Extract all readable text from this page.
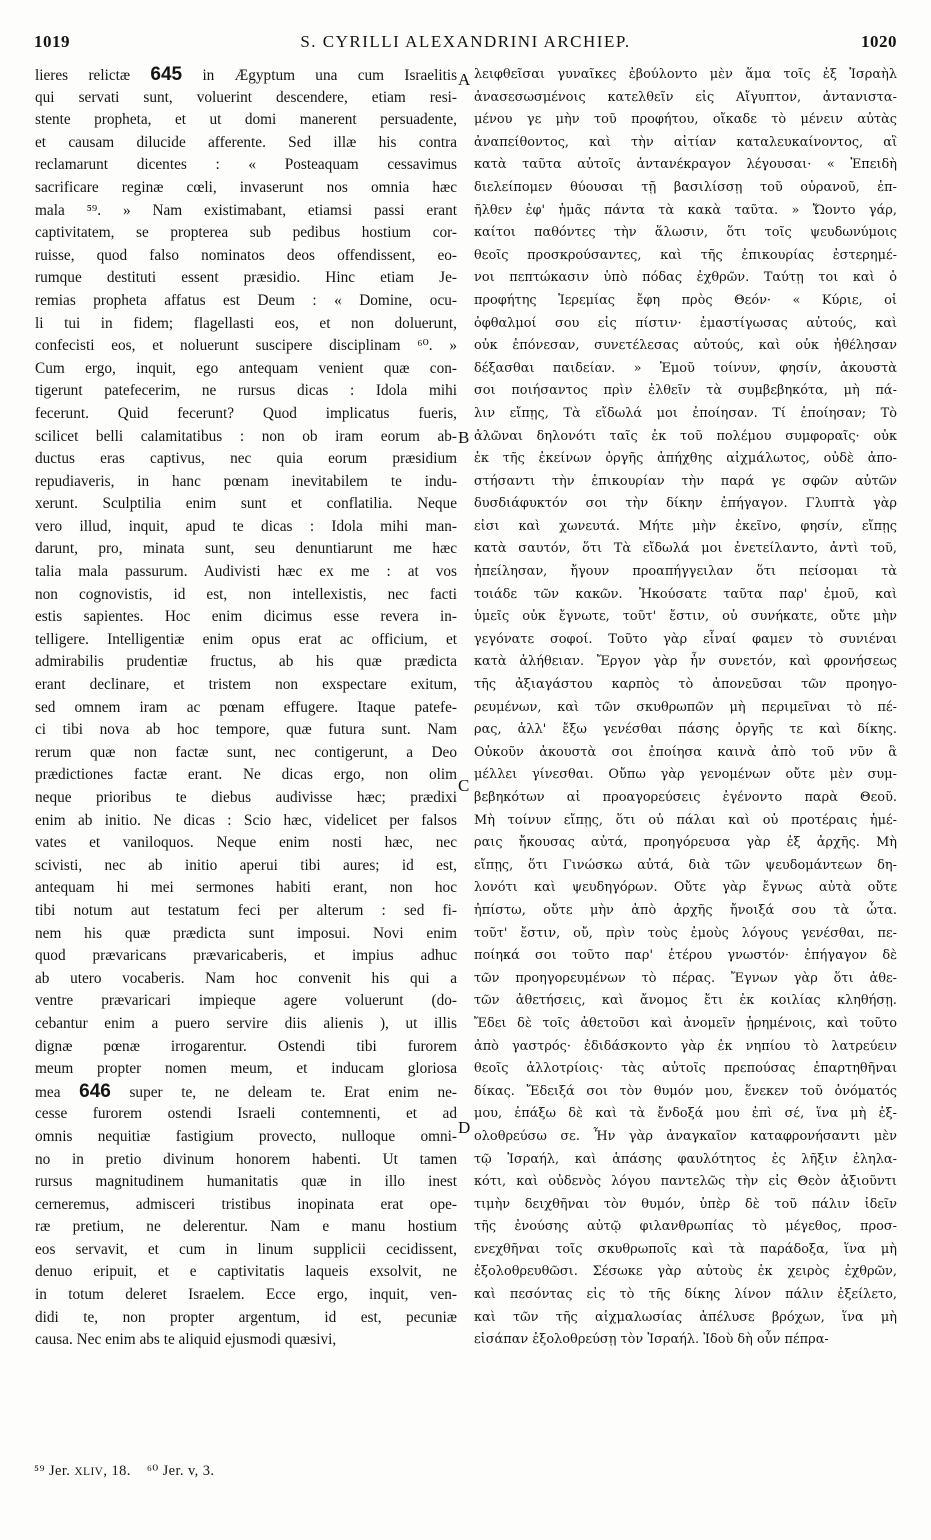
1019	S. CYRILLI ALEXANDRINI ARCHIEP.	1020
lieres relictæ 645 in Ægyptum una cum Israelitis
qui servati sunt, voluerint descendere, etiam resi-
stente propheta, et ut domi manerent persuadente,
et causam dilucide afferente. Sed illæ his contra
reclamarunt dicentes : « Posteaquam cessavimus
sacrificare reginæ cœli, invaserunt nos omnia hæc
mala ⁵⁹. » Nam existimabant, etiamsi passi erant
captivitatem, se propterea sub pedibus hostium cor-
ruisse, quod falso nominatos deos offendissent, eo-
rumque destituti essent præsidio. Hinc etiam Je-
remias propheta affatus est Deum : « Domine, ocu-
li tui in fidem; flagellasti eos, et non doluerunt,
confecisti eos, et noluerunt suscipere disciplinam ⁶⁰. »
Cum ergo, inquit, ego antequam venient quæ con-
tigerunt patefecerim, ne rursus dicas : Idola mihi
fecerunt. Quid fecerunt? Quod implicatus fueris,
scilicet belli calamitatibus : non ob iram eorum ab-
ductus eras captivus, nec quia eorum præsidium
repudiaveris, in hanc pœnam inevitabilem te indu-
xerunt. Sculptilia enim sunt et conflatilia. Neque
vero illud, inquit, apud te dicas : Idola mihi man-
darunt, pro, minata sunt, seu denuntiarunt me hæc
talia mala passurum. Audivisti hæc ex me : at vos
non cognovistis, id est, non intellexistis, nec facti
estis sapientes. Hoc enim dicimus esse revera in-
telligere. Intelligentiæ enim opus erat ac officium, et
admirabilis prudentiæ fructus, ab his quæ prædicta
erant declinare, et tristem non exspectare exitum,
sed omnem iram ac pœnam effugere. Itaque patefe-
ci tibi nova ab hoc tempore, quæ futura sunt. Nam
rerum quæ non factæ sunt, nec contigerunt, a Deo
prædictiones factæ erant. Ne dicas ergo, non olim
neque prioribus te diebus audivisse hæc; prædixi
enim ab initio. Ne dicas : Scio hæc, videlicet per falsos
vates et vaniloquos. Neque enim nosti hæc, nec
scivisti, nec ab initio aperui tibi aures; id est,
antequam hi mei sermones habiti erant, non hoc
tibi notum aut testatum feci per alterum : sed fi-
nem his quæ prædicta sunt imposui. Novi enim
quod prævaricans prævaricaberis, et impius adhuc
ab utero vocaberis. Nam hoc convenit his qui a
ventre prævaricari impieque agere voluerunt (do-
cebantur enim a puero servire diis alienis ), ut illis
dignæ pœnæ irrogarentur. Ostendi tibi furorem
meum propter nomen meum, et inducam gloriosa
mea 646 super te, ne deleam te. Erat enim ne-
cesse furorem ostendi Israeli contemnenti, et ad
omnis nequitiæ fastigium provecto, nulloque omni-
no in pretio divinum honorem habenti. Ut tamen
rursus magnitudinem humanitatis quæ in illo inest
cerneremus, admisceri tristibus inopinata erat ope-
ræ pretium, ne delerentur. Nam e manu hostium
eos servavit, et cum in linum supplicii cecidissent,
denuo eripuit, et e captivitatis laqueis exsolvit, ne
in totum deleret Israelem. Ecce ergo, inquit, ven-
didi te, non propter argentum, id est, pecuniæ
causa. Nec enim abs te aliquid ejusmodi quæsivi,
A
B
C
D
λειφθεῖσαι γυναῖκες ἐβούλοντο μὲν ἅμα τοῖς ἐξ Ἰσραὴλ
ἀνασεσωσμένοις κατελθεῖν εἰς Αἴγυπτον, ἀντανιστα-
μένου γε μὴν τοῦ προφήτου, οἴκαδε τὸ μένειν αὐτὰς
ἀναπείθοντος, καὶ τὴν αἰτίαν καταλευκαίνοντος, αἳ
κατὰ ταῦτα αὐτοῖς ἀντανέκραγον λέγουσαι· « Ἐπειδὴ
διελείπομεν θύουσαι τῇ βασιλίσσῃ τοῦ οὐρανοῦ, ἐπ-
ῆλθεν ἐφ' ἡμᾶς πάντα τὰ κακὰ ταῦτα. » Ὤοντο γάρ,
καίτοι παθόντες τὴν ἅλωσιν, ὅτι τοῖς ψευδωνύμοις
θεοῖς προσκρούσαντες, καὶ τῆς ἐπικουρίας ἐστερημέ-
νοι πεπτώκασιν ὑπὸ πόδας ἐχθρῶν. Ταύτῃ τοι καὶ ὁ
προφήτης Ἱερεμίας ἔφη πρὸς Θεόν· « Κύριε, οἱ
ὀφθαλμοί σου εἰς πίστιν· ἐμαστίγωσας αὐτούς, καὶ
οὐκ ἐπόνεσαν, συνετέλεσας αὐτούς, καὶ οὐκ ἠθέλησαν
δέξασθαι παιδείαν. » Ἐμοῦ τοίνυν, φησίν, ἀκουστὰ
σοι ποιήσαντος πρὶν ἐλθεῖν τὰ συμβεβηκότα, μὴ πά-
λιν εἴπῃς, Τὰ εἴδωλά μοι ἐποίησαν. Τί ἐποίησαν; Τὸ
ἁλῶναι δηλονότι ταῖς ἐκ τοῦ πολέμου συμφοραῖς· οὐκ
ἐκ τῆς ἐκείνων ὀργῆς ἀπήχθης αἰχμάλωτος, οὐδὲ ἀπο-
στήσαντι τὴν ἐπικουρίαν τὴν παρά γε σφῶν αὐτῶν
δυσδιάφυκτόν σοι τὴν δίκην ἐπήγαγον. Γλυπτὰ γὰρ
εἰσι καὶ χωνευτά. Μήτε μὴν ἐκεῖνο, φησίν, εἴπῃς
κατὰ σαυτόν, ὅτι Τὰ εἴδωλά μοι ἐνετείλαντο, ἀντὶ τοῦ,
ἠπείλησαν, ἤγουν προαπήγγειλαν ὅτι πείσομαι τὰ
τοιάδε τῶν κακῶν. Ἠκούσατε ταῦτα παρ' ἐμοῦ, καὶ
ὑμεῖς οὐκ ἔγνωτε, τοῦτ' ἔστιν, οὐ συνήκατε, οὔτε μὴν
γεγόνατε σοφοί. Τοῦτο γὰρ εἶναί φαμεν τὸ συνιέναι
κατὰ ἀλήθειαν. Ἔργον γὰρ ἦν συνετόν, καὶ φρονήσεως
τῆς ἀξιαγάστου καρπὸς τὸ ἀπονεῦσαι τῶν προηγο-
ρευμένων, καὶ τῶν σκυθρωπῶν μὴ περιμεῖναι τὸ πέ-
ρας, ἀλλ' ἔξω γενέσθαι πάσης ὀργῆς τε καὶ δίκης.
Οὐκοῦν ἀκουστὰ σοι ἐποίησα καινὰ ἀπὸ τοῦ νῦν ἃ
μέλλει γίνεσθαι. Οὔπω γὰρ γενομένων οὔτε μὲν συμ-
βεβηκότων αἱ προαγορεύσεις ἐγένοντο παρὰ Θεοῦ.
Μὴ τοίνυν εἴπῃς, ὅτι οὐ πάλαι καὶ οὐ προτέραις ἡμέ-
ραις ἤκουσας αὐτά, προηγόρευσα γὰρ ἐξ ἀρχῆς. Μὴ
εἴπῃς, ὅτι Γινώσκω αὐτά, διὰ τῶν ψευδομάντεων δη-
λονότι καὶ ψευδηγόρων. Οὔτε γὰρ ἔγνως αὐτὰ οὔτε
ἠπίστω, οὔτε μὴν ἀπὸ ἀρχῆς ἤνοιξά σου τὰ ὦτα.
τοῦτ' ἔστιν, οὔ, πρὶν τοὺς ἐμοὺς λόγους γενέσθαι, πε-
ποίηκά σοι τοῦτο παρ' ἑτέρου γνωστόν· ἐπήγαγον δὲ
τῶν προηγορευμένων τὸ πέρας. Ἔγνων γὰρ ὅτι ἀθε-
τῶν ἀθετήσεις, καὶ ἄνομος ἔτι ἐκ κοιλίας κληθήσῃ.
Ἔδει δὲ τοῖς ἀθετοῦσι καὶ ἀνομεῖν ᾑρημένοις, καὶ τοῦτο
ἀπὸ γαστρός· ἐδιδάσκοντο γὰρ ἐκ νηπίου τὸ λατρεύειν
θεοῖς ἀλλοτρίοις· τὰς αὐτοῖς πρεπούσας ἐπαρτηθῆναι
δίκας. Ἔδειξά σοι τὸν θυμόν μου, ἕνεκεν τοῦ ὀνόματός
μου, ἐπάξω δὲ καὶ τὰ ἔνδοξά μου ἐπὶ σέ, ἵνα μὴ ἐξ-
ολοθρεύσω σε. Ἦν γὰρ ἀναγκαῖον καταφρονήσαντι μὲν
τῷ Ἰσραήλ, καὶ ἁπάσης φαυλότητος ἐς λῆξιν ἐληλα-
κότι, καὶ οὐδενὸς λόγου παντελῶς τὴν εἰς Θεὸν ἀξιοῦντι
τιμὴν δειχθῆναι τὸν θυμόν, ὑπὲρ δὲ τοῦ πάλιν ἰδεῖν
τῆς ἐνούσης αὐτῷ φιλανθρωπίας τὸ μέγεθος, προσ-
ενεχθῆναι τοῖς σκυθρωποῖς καὶ τὰ παράδοξα, ἵνα μὴ
ἐξολοθρευθῶσι. Σέσωκε γὰρ αὐτοὺς ἐκ χειρὸς ἐχθρῶν,
καὶ πεσόντας εἰς τὸ τῆς δίκης λίνον πάλιν ἐξείλετο,
καὶ τῶν τῆς αἰχμαλωσίας ἀπέλυσε βρόχων, ἵνα μὴ
εἰσάπαν ἐξολοθρεύσῃ τὸν Ἰσραήλ. Ἰδοὺ δὴ οὖν πέπρα-
⁵⁹ Jer. XLIV, 18. ⁶⁰ Jer. v, 3.
